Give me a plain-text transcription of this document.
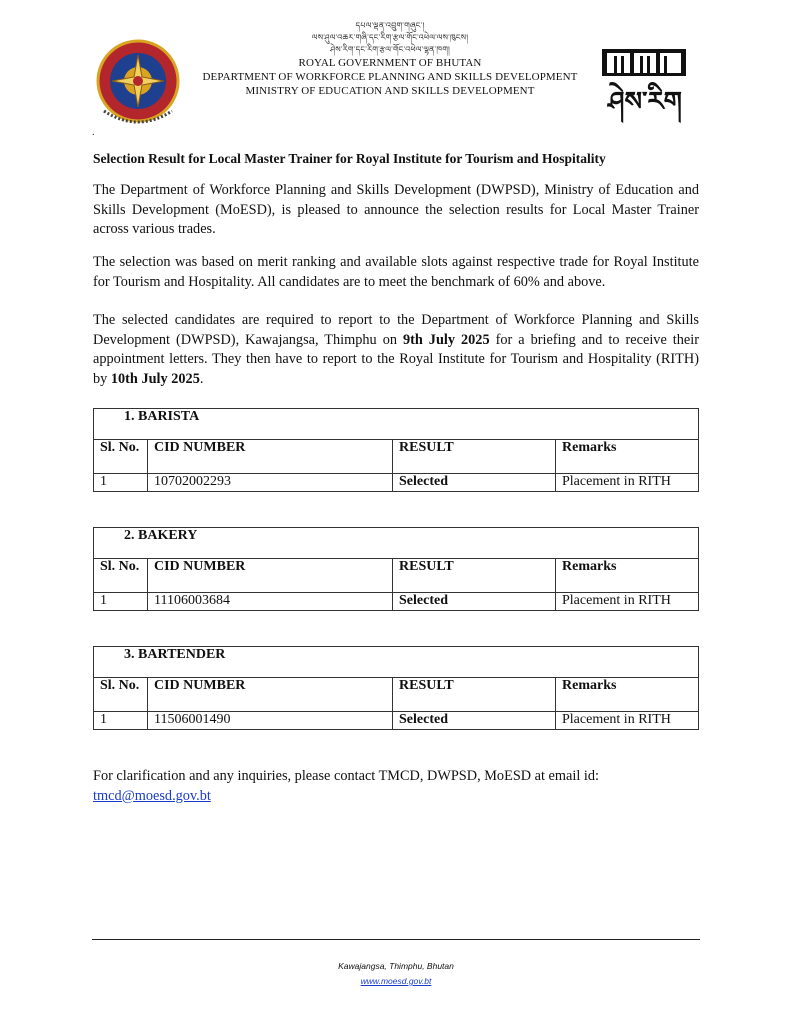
དཔལ་ལྡན་འབྲུག་གཞུང་།
ལས་ཤུལ་འཆར་གཞི་དང་རིག་རྩལ་གོང་འཕེལ་ལས་ཁུངས།
ཤེས་རིག་དང་རིག་རྩལ་གོང་འཕེལ་ལྷན་ཁག།
ROYAL GOVERNMENT OF BHUTAN
DEPARTMENT OF WORKFORCE PLANNING AND SKILLS DEVELOPMENT
MINISTRY OF EDUCATION AND SKILLS DEVELOPMENT	ཤེས་རིག
.
Selection Result for Local Master Trainer for Royal Institute for Tourism and Hospitality
The Department of Workforce Planning and Skills Development (DWPSD), Ministry of Education and Skills Development (MoESD), is pleased to announce the selection results for Local Master Trainer across various trades.
The selection was based on merit ranking and available slots against respective trade for Royal Institute for Tourism and Hospitality. All candidates are to meet the benchmark of 60% and above.
The selected candidates are required to report to the Department of Workforce Planning and Skills Development (DWPSD), Kawajangsa, Thimphu on 9th July 2025 for a briefing and to receive their appointment letters. They then have to report to the Royal Institute for Tourism and Hospitality (RITH) by 10th July 2025.
1. BARISTA			
Sl. No.	CID NUMBER	RESULT	Remarks
1	10702002293	Selected	Placement in RITH
2. BAKERY			
Sl. No.	CID NUMBER	RESULT	Remarks
1	11106003684	Selected	Placement in RITH
3. BARTENDER			
Sl. No.	CID NUMBER	RESULT	Remarks
1	11506001490	Selected	Placement in RITH
For clarification and any inquiries, please contact TMCD, DWPSD, MoESD at email id:
tmcd@moesd.gov.bt
Kawajangsa, Thimphu, Bhutan
www.moesd.gov.bt
